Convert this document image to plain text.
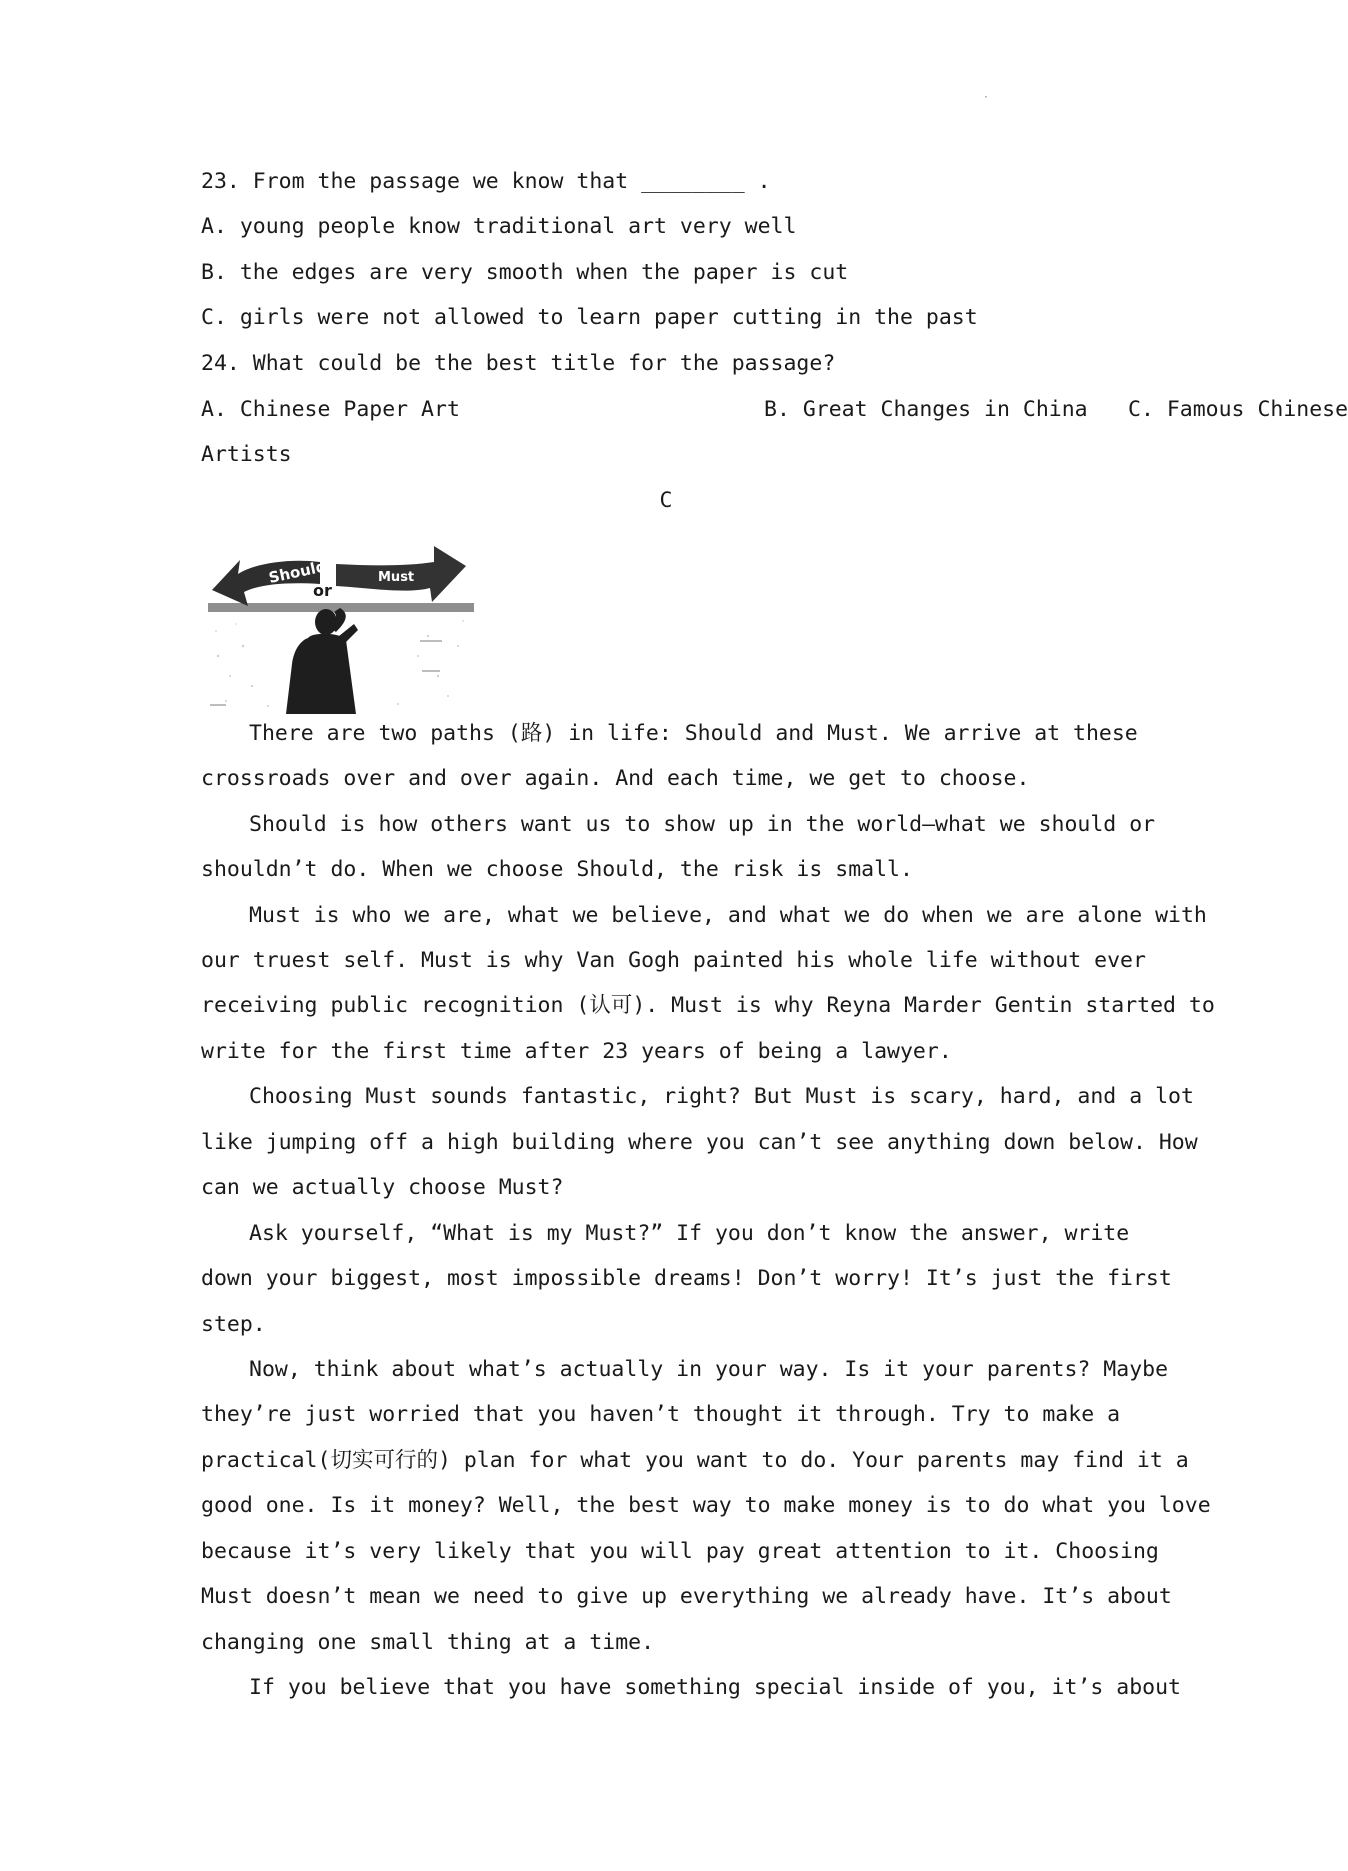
·
23. From the passage we know that ________ .
A. young people know traditional art very well
B. the edges are very smooth when the paper is cut
C. girls were not allowed to learn paper cutting in the past
24. What could be the best title for the passage?
A. Chinese Paper Art	B. Great Changes in China C. Famous Chinese
Artists
C
Should	Must
or
There are two paths (路) in life: Should and Must. We arrive at these
crossroads over and over again. And each time, we get to choose.
Should is how others want us to show up in the world—what we should or
shouldn’t do. When we choose Should, the risk is small.
Must is who we are, what we believe, and what we do when we are alone with
our truest self. Must is why Van Gogh painted his whole life without ever
receiving public recognition (认可). Must is why Reyna Marder Gentin started to
write for the first time after 23 years of being a lawyer.
Choosing Must sounds fantastic, right? But Must is scary, hard, and a lot
like jumping off a high building where you can’t see anything down below. How
can we actually choose Must?
Ask yourself, “What is my Must?” If you don’t know the answer, write
down your biggest, most impossible dreams! Don’t worry! It’s just the first
step.
Now, think about what’s actually in your way. Is it your parents? Maybe
they’re just worried that you haven’t thought it through. Try to make a
practical(切实可行的) plan for what you want to do. Your parents may find it a
good one. Is it money? Well, the best way to make money is to do what you love
because it’s very likely that you will pay great attention to it. Choosing
Must doesn’t mean we need to give up everything we already have. It’s about
changing one small thing at a time.
If you believe that you have something special inside of you, it’s about
